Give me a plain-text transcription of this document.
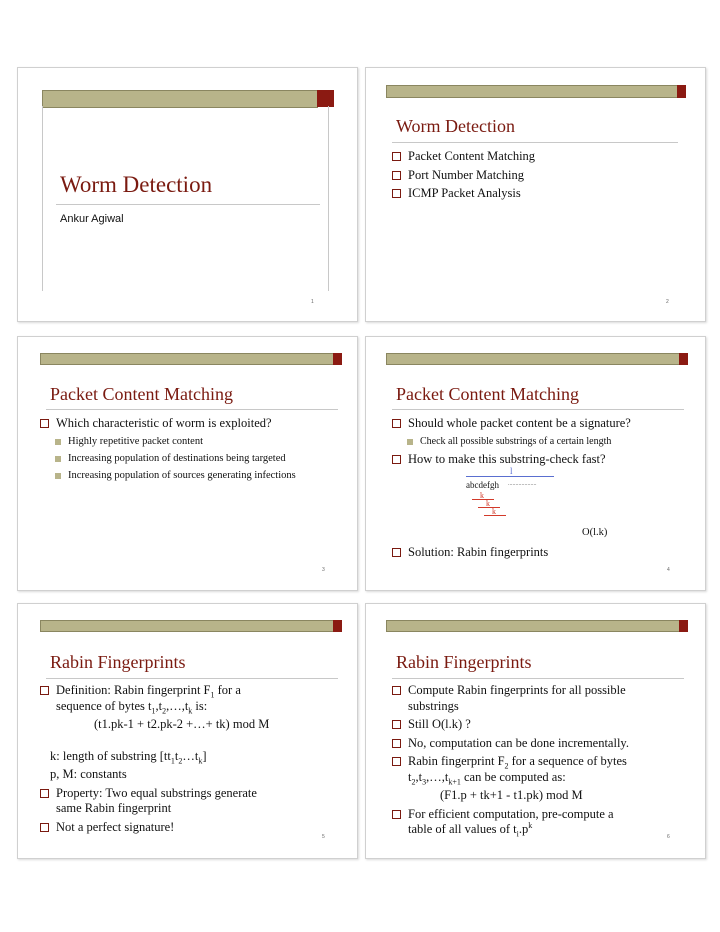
Worm Detection
Ankur Agiwal
1
Worm Detection
Packet Content Matching
Port Number Matching
ICMP Packet Analysis
2
Packet Content Matching
Which characteristic of worm is exploited?
Highly repetitive packet content
Increasing population of destinations being targeted
Increasing population of sources generating infections
3
Packet Content Matching
Should whole packet content be a signature?
Check all possible substrings of a certain length
How to make this substring-check fast?
l
abcdefgh ...................
k
k
k
O(l.k)
Solution: Rabin fingerprints
4
Rabin Fingerprints
Definition: Rabin fingerprint $F_1$ for a
sequence of bytes $t_1,t_2,\dots,t_k$ is:
(t1.pk-1 + t2.pk-2 +…+ tk) mod M
k: length of substring $[tt_1t_2\dots t_k]$
p, M: constants
Property: Two equal substrings generate
same Rabin fingerprint
Not a perfect signature!
5
Rabin Fingerprints
Compute Rabin fingerprints for all possible
substrings
Still O(l.k) ?
No, computation can be done incrementally.
Rabin fingerprint $F_2$ for a sequence of bytes
$t_2,t_3,\dots,t_{k+1}$ can be computed as:
(F1.p + tk+1 - t1.pk) mod M
For efficient computation, pre-compute a
table of all values of $t_i.p^k$
6
